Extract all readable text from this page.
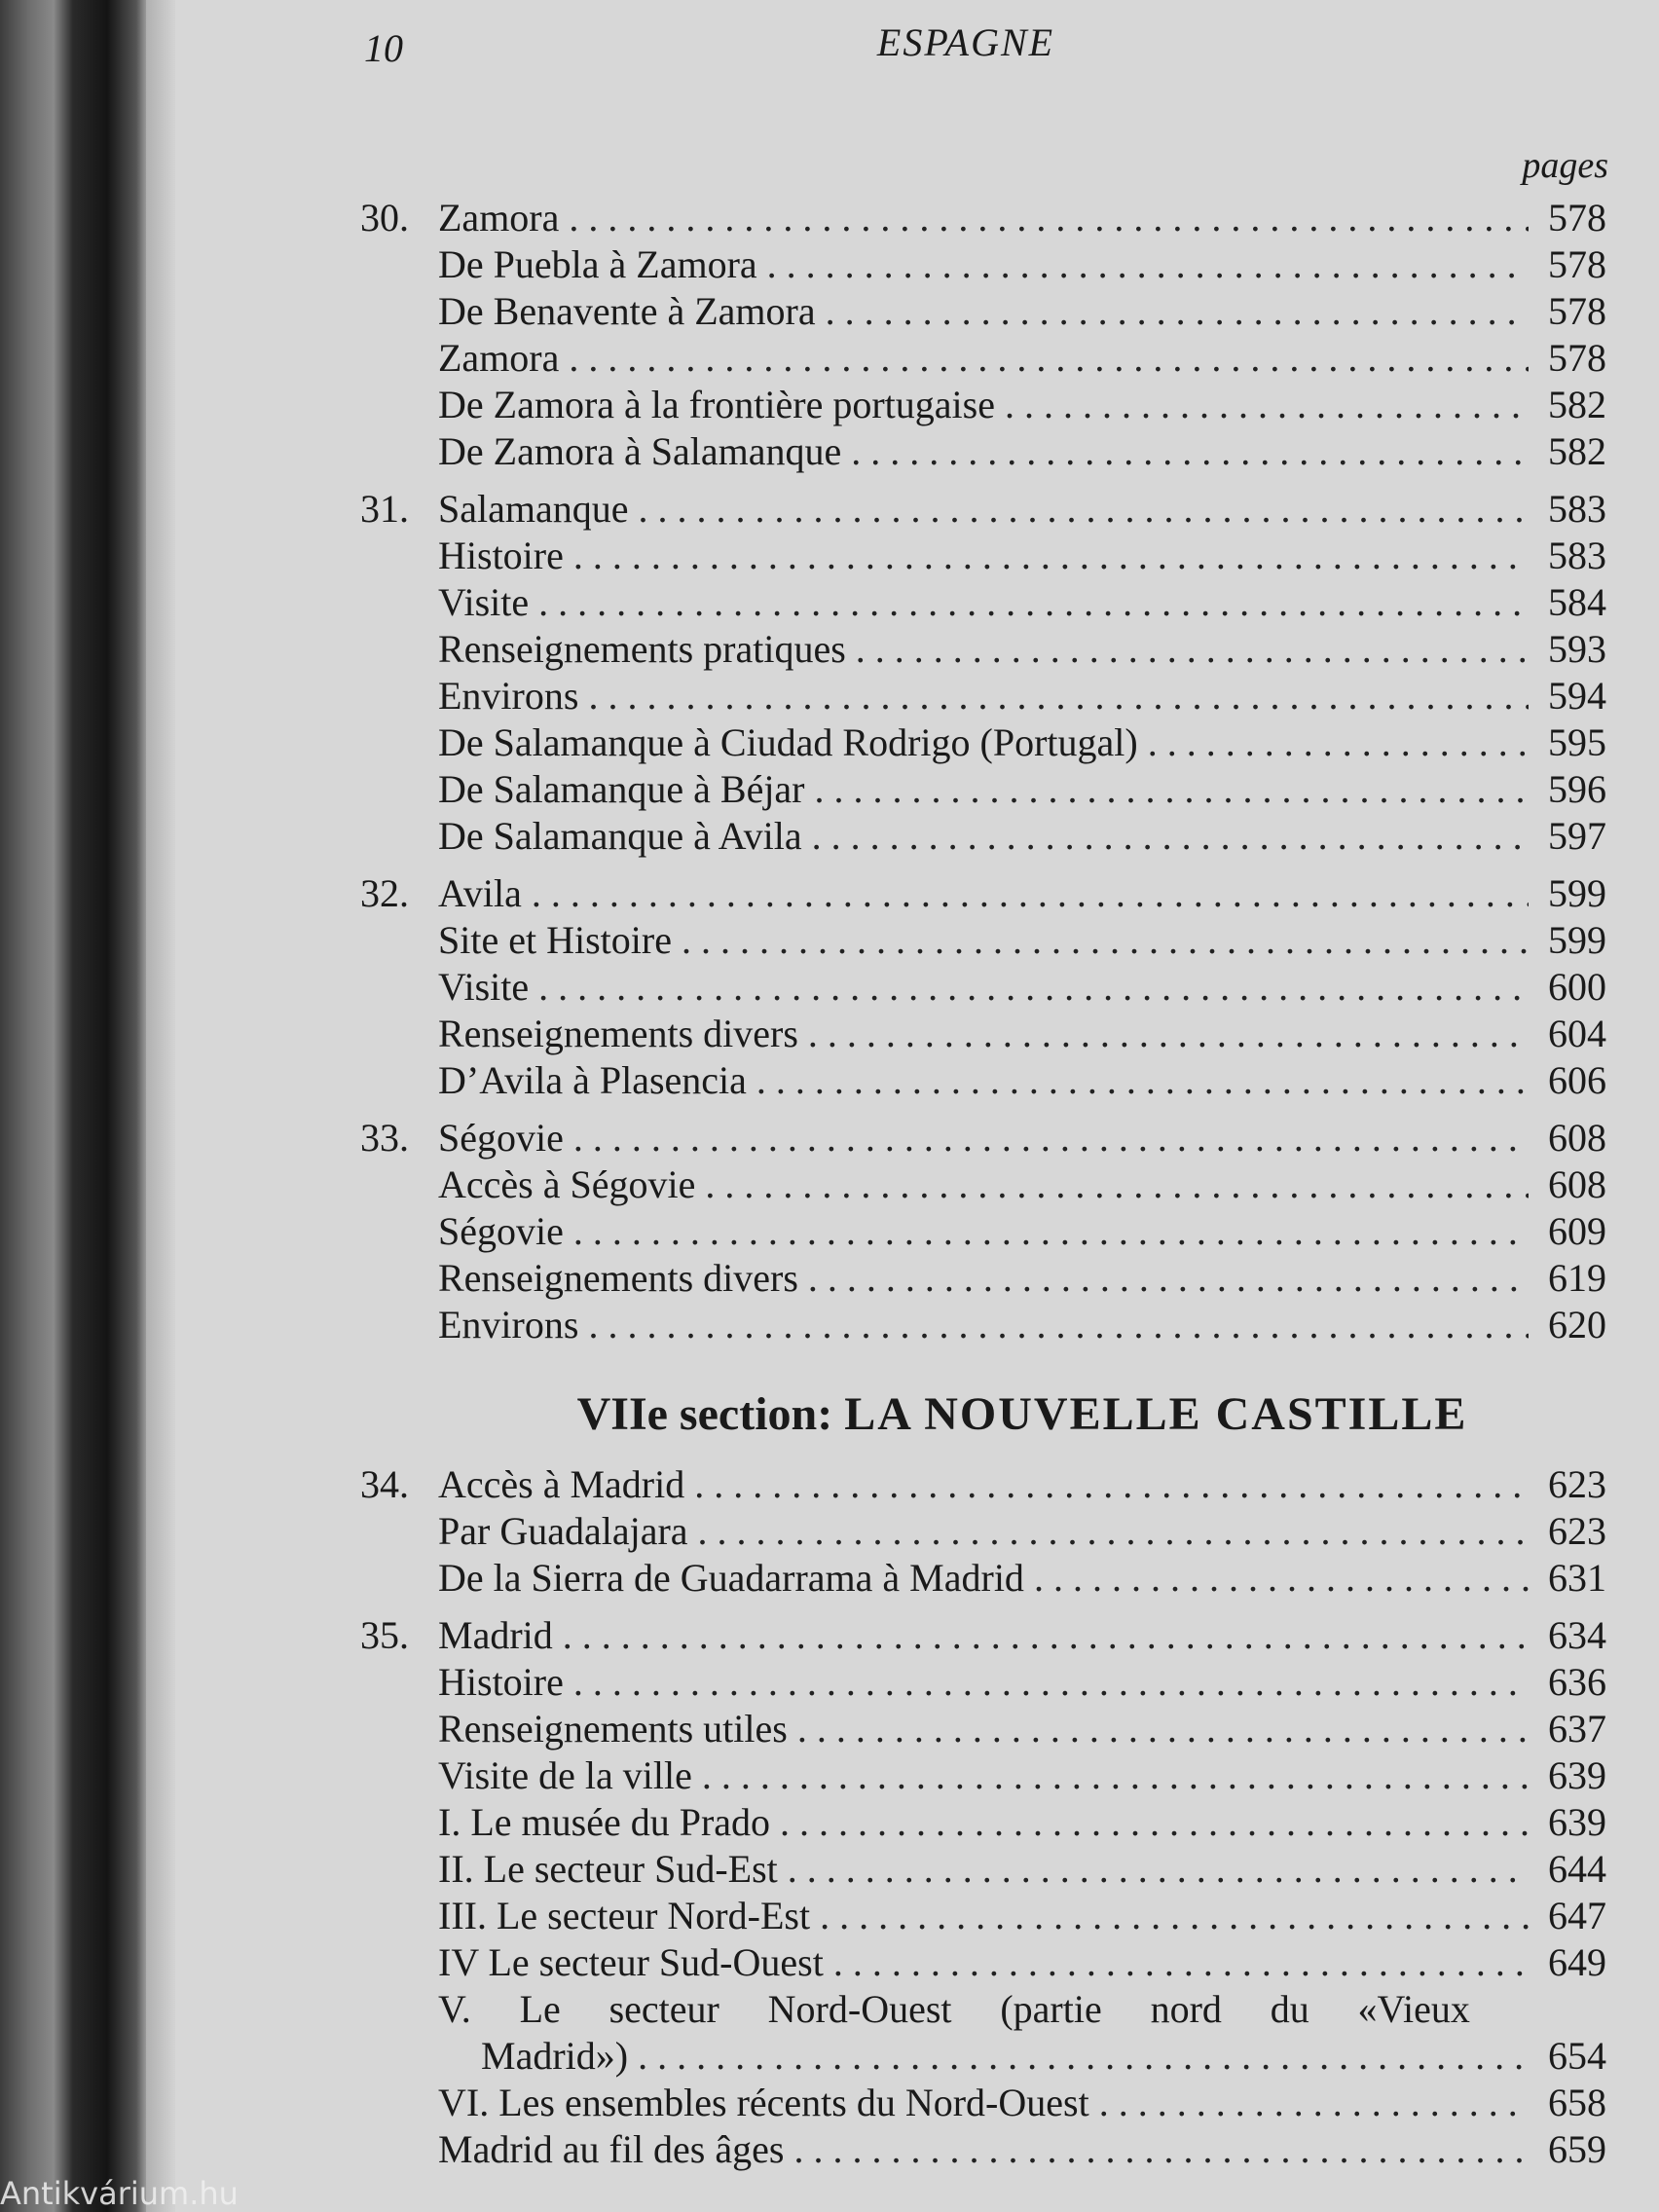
10	ESPAGNE
pages
30. Zamora . . .	578
De Puebla à Zamora . . .	578
De Benavente à Zamora . . .	578
Zamora . . .	578
De Zamora à la frontière portugaise . . .	582
De Zamora à Salamanque . . .	582
31. Salamanque . . .	583
Histoire . . .	583
Visite . . .	584
Renseignements pratiques . . .	593
Environs . . .	594
De Salamanque à Ciudad Rodrigo (Portugal) . . .	595
De Salamanque à Béjar . . .	596
De Salamanque à Avila . . .	597
32. Avila . . .	599
Site et Histoire . . .	599
Visite . . .	600
Renseignements divers . . .	604
D’Avila à Plasencia . . .	606
33. Ségovie . . .	608
Accès à Ségovie . . .	608
Ségovie . . .	609
Renseignements divers . . .	619
Environs . . .	620
VIIe section: LA NOUVELLE CASTILLE
34. Accès à Madrid . . .	623
Par Guadalajara . . .	623
De la Sierra de Guadarrama à Madrid . . .	631
35. Madrid . . .	634
Histoire . . .	636
Renseignements utiles . . .	637
Visite de la ville . . .	639
I. Le musée du Prado . . .	639
II. Le secteur Sud-Est . . .	644
III. Le secteur Nord-Est . . .	647
IV Le secteur Sud-Ouest . . .	649
V. Le secteur Nord-Ouest (partie nord du «Vieux
Madrid») . . .	654
VI. Les ensembles récents du Nord-Ouest . . .	658
Madrid au fil des âges . . .	659
Antikvárium.hu
